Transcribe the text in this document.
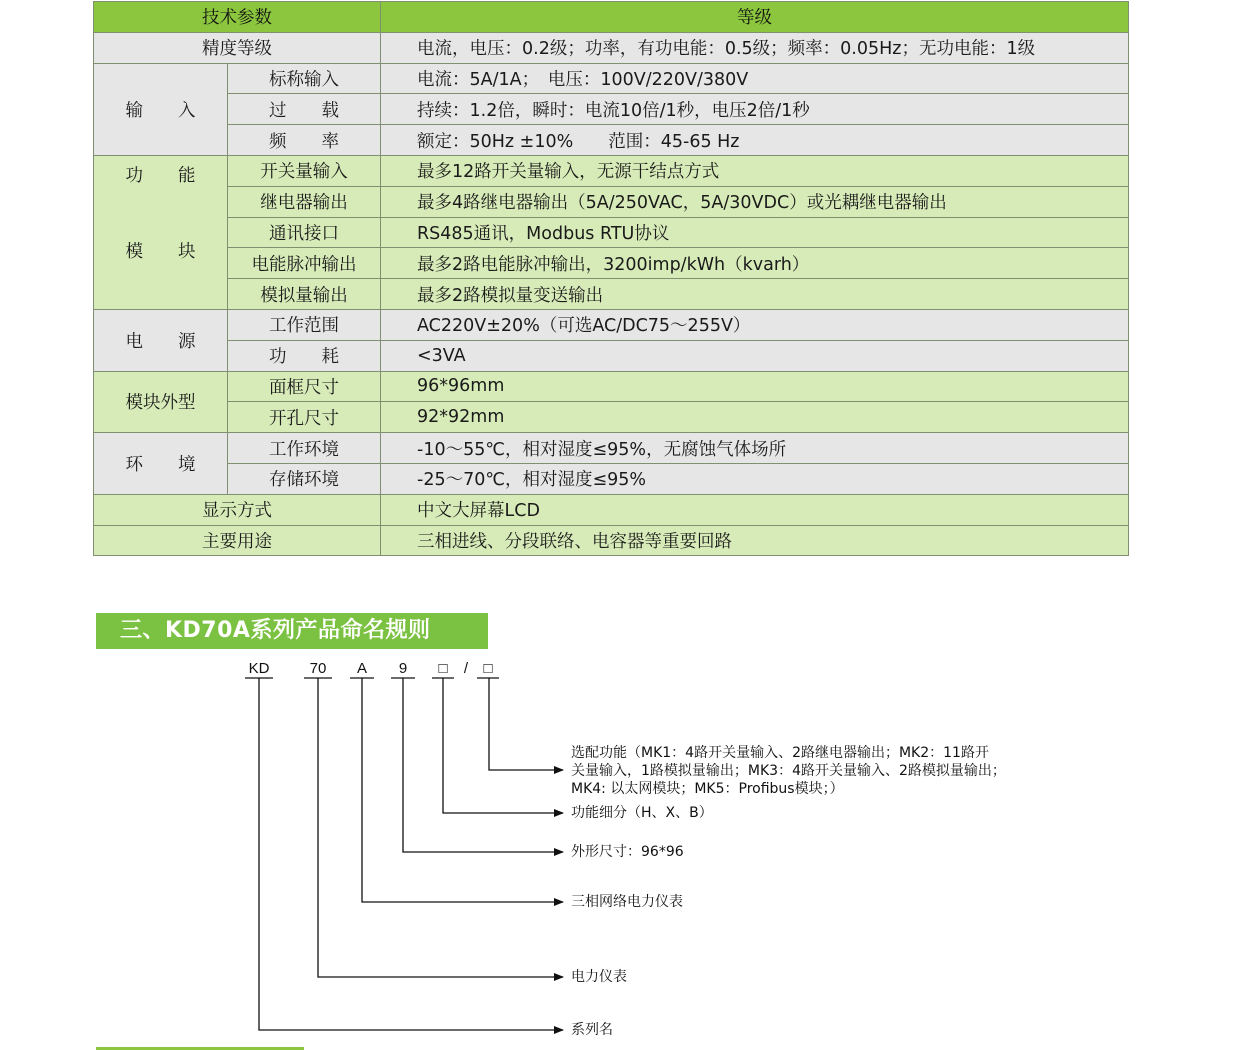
技术参数		等级
精度等级		电流，电压：0.2级；功率，有功电能：0.5级；频率：0.05Hz；无功电能：1级
输　　入	标称输入	电流：5A/1A；　电压：100V/220V/380V
	过　　载	持续：1.2倍，瞬时：电流10倍/1秒，电压2倍/1秒
	频　　率	额定：50Hz ±10%　　范围：45-65 Hz

功　　能
模　　块	开关量输入	最多12路开关量输入，无源干结点方式
	继电器输出	最多4路继电器输出（5A/250VAC，5A/30VDC）或光耦继电器输出
	通讯接口	RS485通讯，Modbus RTU协议
	电能脉冲输出	最多2路电能脉冲输出，3200imp/kWh（kvarh）
	模拟量输出	最多2路模拟量变送输出
电　　源	工作范围	AC220V±20%（可选AC/DC75～255V）
	功　　耗	<3VA
模块外型	面框尺寸	96*96mm
	开孔尺寸	92*92mm
环　　境	工作环境	-10～55℃，相对湿度≤95%，无腐蚀气体场所
	存储环境	-25～70℃，相对湿度≤95%
显示方式		中文大屏幕LCD
主要用途		三相进线、分段联络、电容器等重要回路
三、KD70A系列产品命名规则
KD	70	A	9	□	/	□
选配功能（MK1：4路开关量输入、2路继电器输出；MK2：11路开
关量输入，1路模拟量输出；MK3：4路开关量输入、2路模拟量输出；
MK4: 以太网模块；MK5：Profibus模块；）
功能细分（H、X、B）
外形尺寸：96*96
三相网络电力仪表
电力仪表
系列名
